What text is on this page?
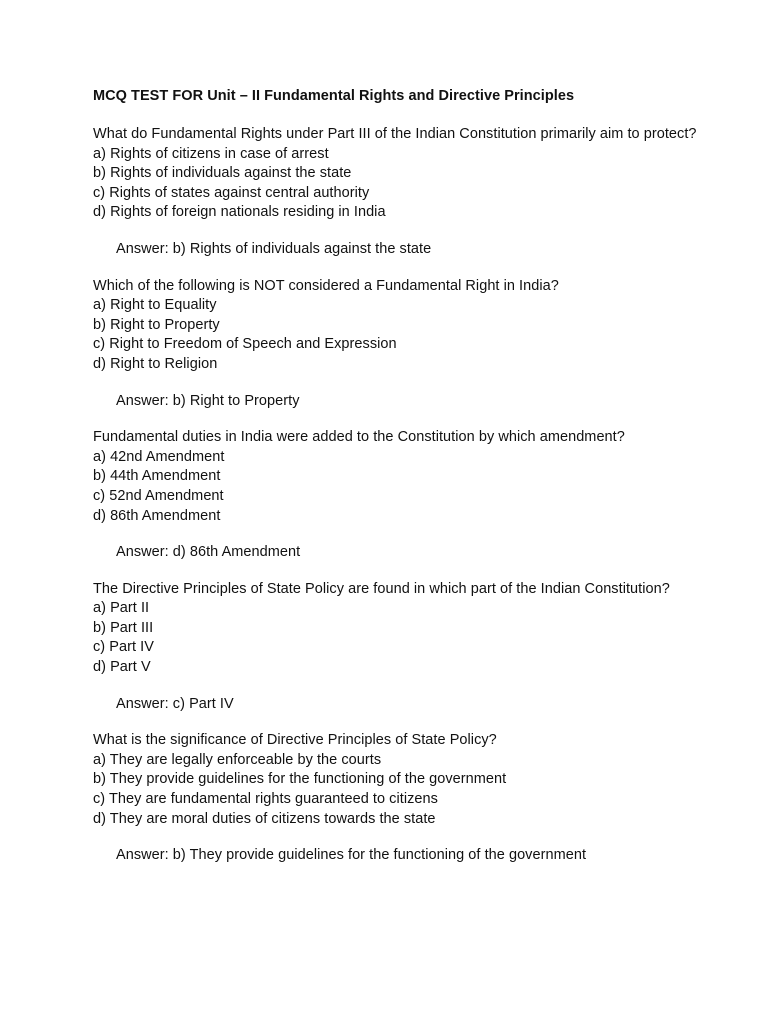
MCQ TEST FOR Unit – II Fundamental Rights and Directive Principles

What do Fundamental Rights under Part III of the Indian Constitution primarily aim to protect?

a) Rights of citizens in case of arrest
b) Rights of individuals against the state
c) Rights of states against central authority
d) Rights of foreign nationals residing in India

Answer: b) Rights of individuals against the state

Which of the following is NOT considered a Fundamental Right in India?

a) Right to Equality
b) Right to Property
c) Right to Freedom of Speech and Expression
d) Right to Religion

Answer: b) Right to Property

Fundamental duties in India were added to the Constitution by which amendment?

a) 42nd Amendment
b) 44th Amendment
c) 52nd Amendment
d) 86th Amendment

Answer: d) 86th Amendment

The Directive Principles of State Policy are found in which part of the Indian Constitution?

a) Part II
b) Part III
c) Part IV
d) Part V

Answer: c) Part IV

What is the significance of Directive Principles of State Policy?

a) They are legally enforceable by the courts
b) They provide guidelines for the functioning of the government
c) They are fundamental rights guaranteed to citizens
d) They are moral duties of citizens towards the state

Answer: b) They provide guidelines for the functioning of the government
